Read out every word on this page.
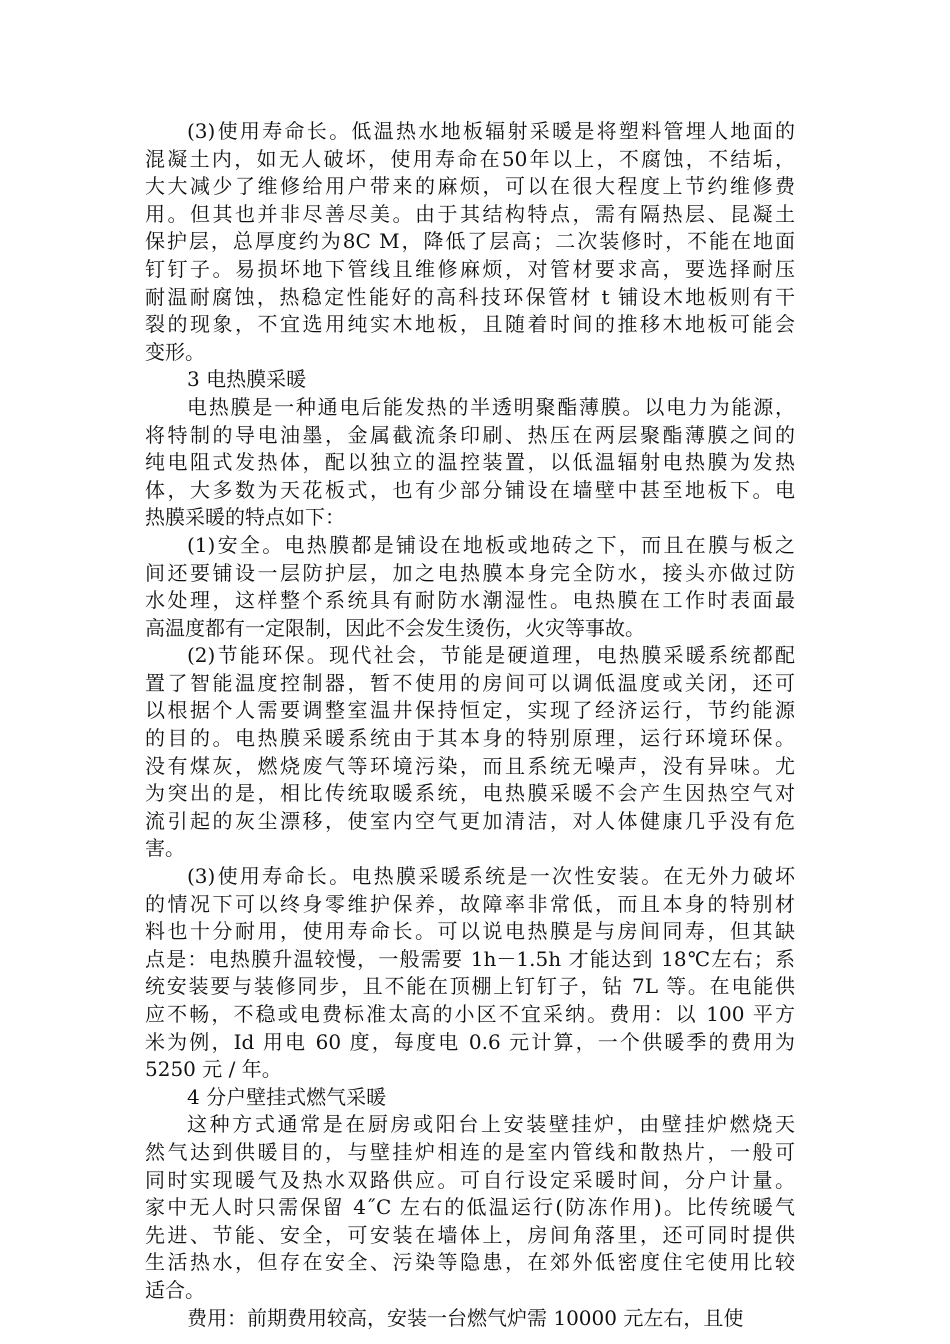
(3)使用寿命长。低温热水地板辐射采暖是将塑料管埋人地面的
混凝土内，如无人破坏，使用寿命在50年以上，不腐蚀，不结垢，
大大减少了维修给用户带来的麻烦，可以在很大程度上节约维修费
用。但其也并非尽善尽美。由于其结构特点，需有隔热层、昆凝土
保护层，总厚度约为8C M，降低了层高；二次装修时，不能在地面
钉钉子。易损坏地下管线且维修麻烦，对管材要求高，要选择耐压
耐温耐腐蚀，热稳定性能好的高科技环保管材 t 铺设木地板则有干
裂的现象，不宜选用纯实木地板，且随着时间的推移木地板可能会
变形。
3 电热膜采暖
电热膜是一种通电后能发热的半透明聚酯薄膜。以电力为能源，
将特制的导电油墨，金属截流条印刷、热压在两层聚酯薄膜之间的
纯电阻式发热体，配以独立的温控装置，以低温辐射电热膜为发热
体，大多数为天花板式，也有少部分铺设在墙壁中甚至地板下。电
热膜采暖的特点如下：
(1)安全。电热膜都是铺设在地板或地砖之下，而且在膜与板之
间还要铺设一层防护层，加之电热膜本身完全防水，接头亦做过防
水处理，这样整个系统具有耐防水潮湿性。电热膜在工作时表面最
高温度都有一定限制，因此不会发生烫伤，火灾等事故。
(2)节能环保。现代社会，节能是硬道理，电热膜采暖系统都配
置了智能温度控制器，暂不使用的房间可以调低温度或关闭，还可
以根据个人需要调整室温井保持恒定，实现了经济运行，节约能源
的目的。电热膜采暖系统由于其本身的特别原理，运行环境环保。
没有煤灰，燃烧废气等环境污染，而且系统无噪声，没有异味。尤
为突出的是，相比传统取暖系统，电热膜采暖不会产生因热空气对
流引起的灰尘漂移，使室内空气更加清洁，对人体健康几乎没有危
害。
(3)使用寿命长。电热膜采暖系统是一次性安装。在无外力破坏
的情况下可以终身零维护保养，故障率非常低，而且本身的特别材
料也十分耐用，使用寿命长。可以说电热膜是与房间同寿，但其缺
点是：电热膜升温较慢，一般需要 1h－1.5h 才能达到 18℃左右；系
统安装要与装修同步，且不能在顶棚上钉钉子，钻 7L 等。在电能供
应不畅，不稳或电费标准太高的小区不宜采纳。费用：以 100 平方
米为例，Id 用电 60 度，每度电 0.6 元计算，一个供暖季的费用为
5250 元 / 年。
4 分户壁挂式燃气采暖
这种方式通常是在厨房或阳台上安装壁挂炉，由壁挂炉燃烧天
然气达到供暖目的，与壁挂炉相连的是室内管线和散热片，一般可
同时实现暖气及热水双路供应。可自行设定采暖时间，分户计量。
家中无人时只需保留 4˝C 左右的低温运行(防冻作用)。比传统暖气
先进、节能、安全，可安装在墙体上，房间角落里，还可同时提供
生活热水，但存在安全、污染等隐患，在郊外低密度住宅使用比较
适合。
费用：前期费用较高，安装一台燃气炉需 10000 元左右，且使
